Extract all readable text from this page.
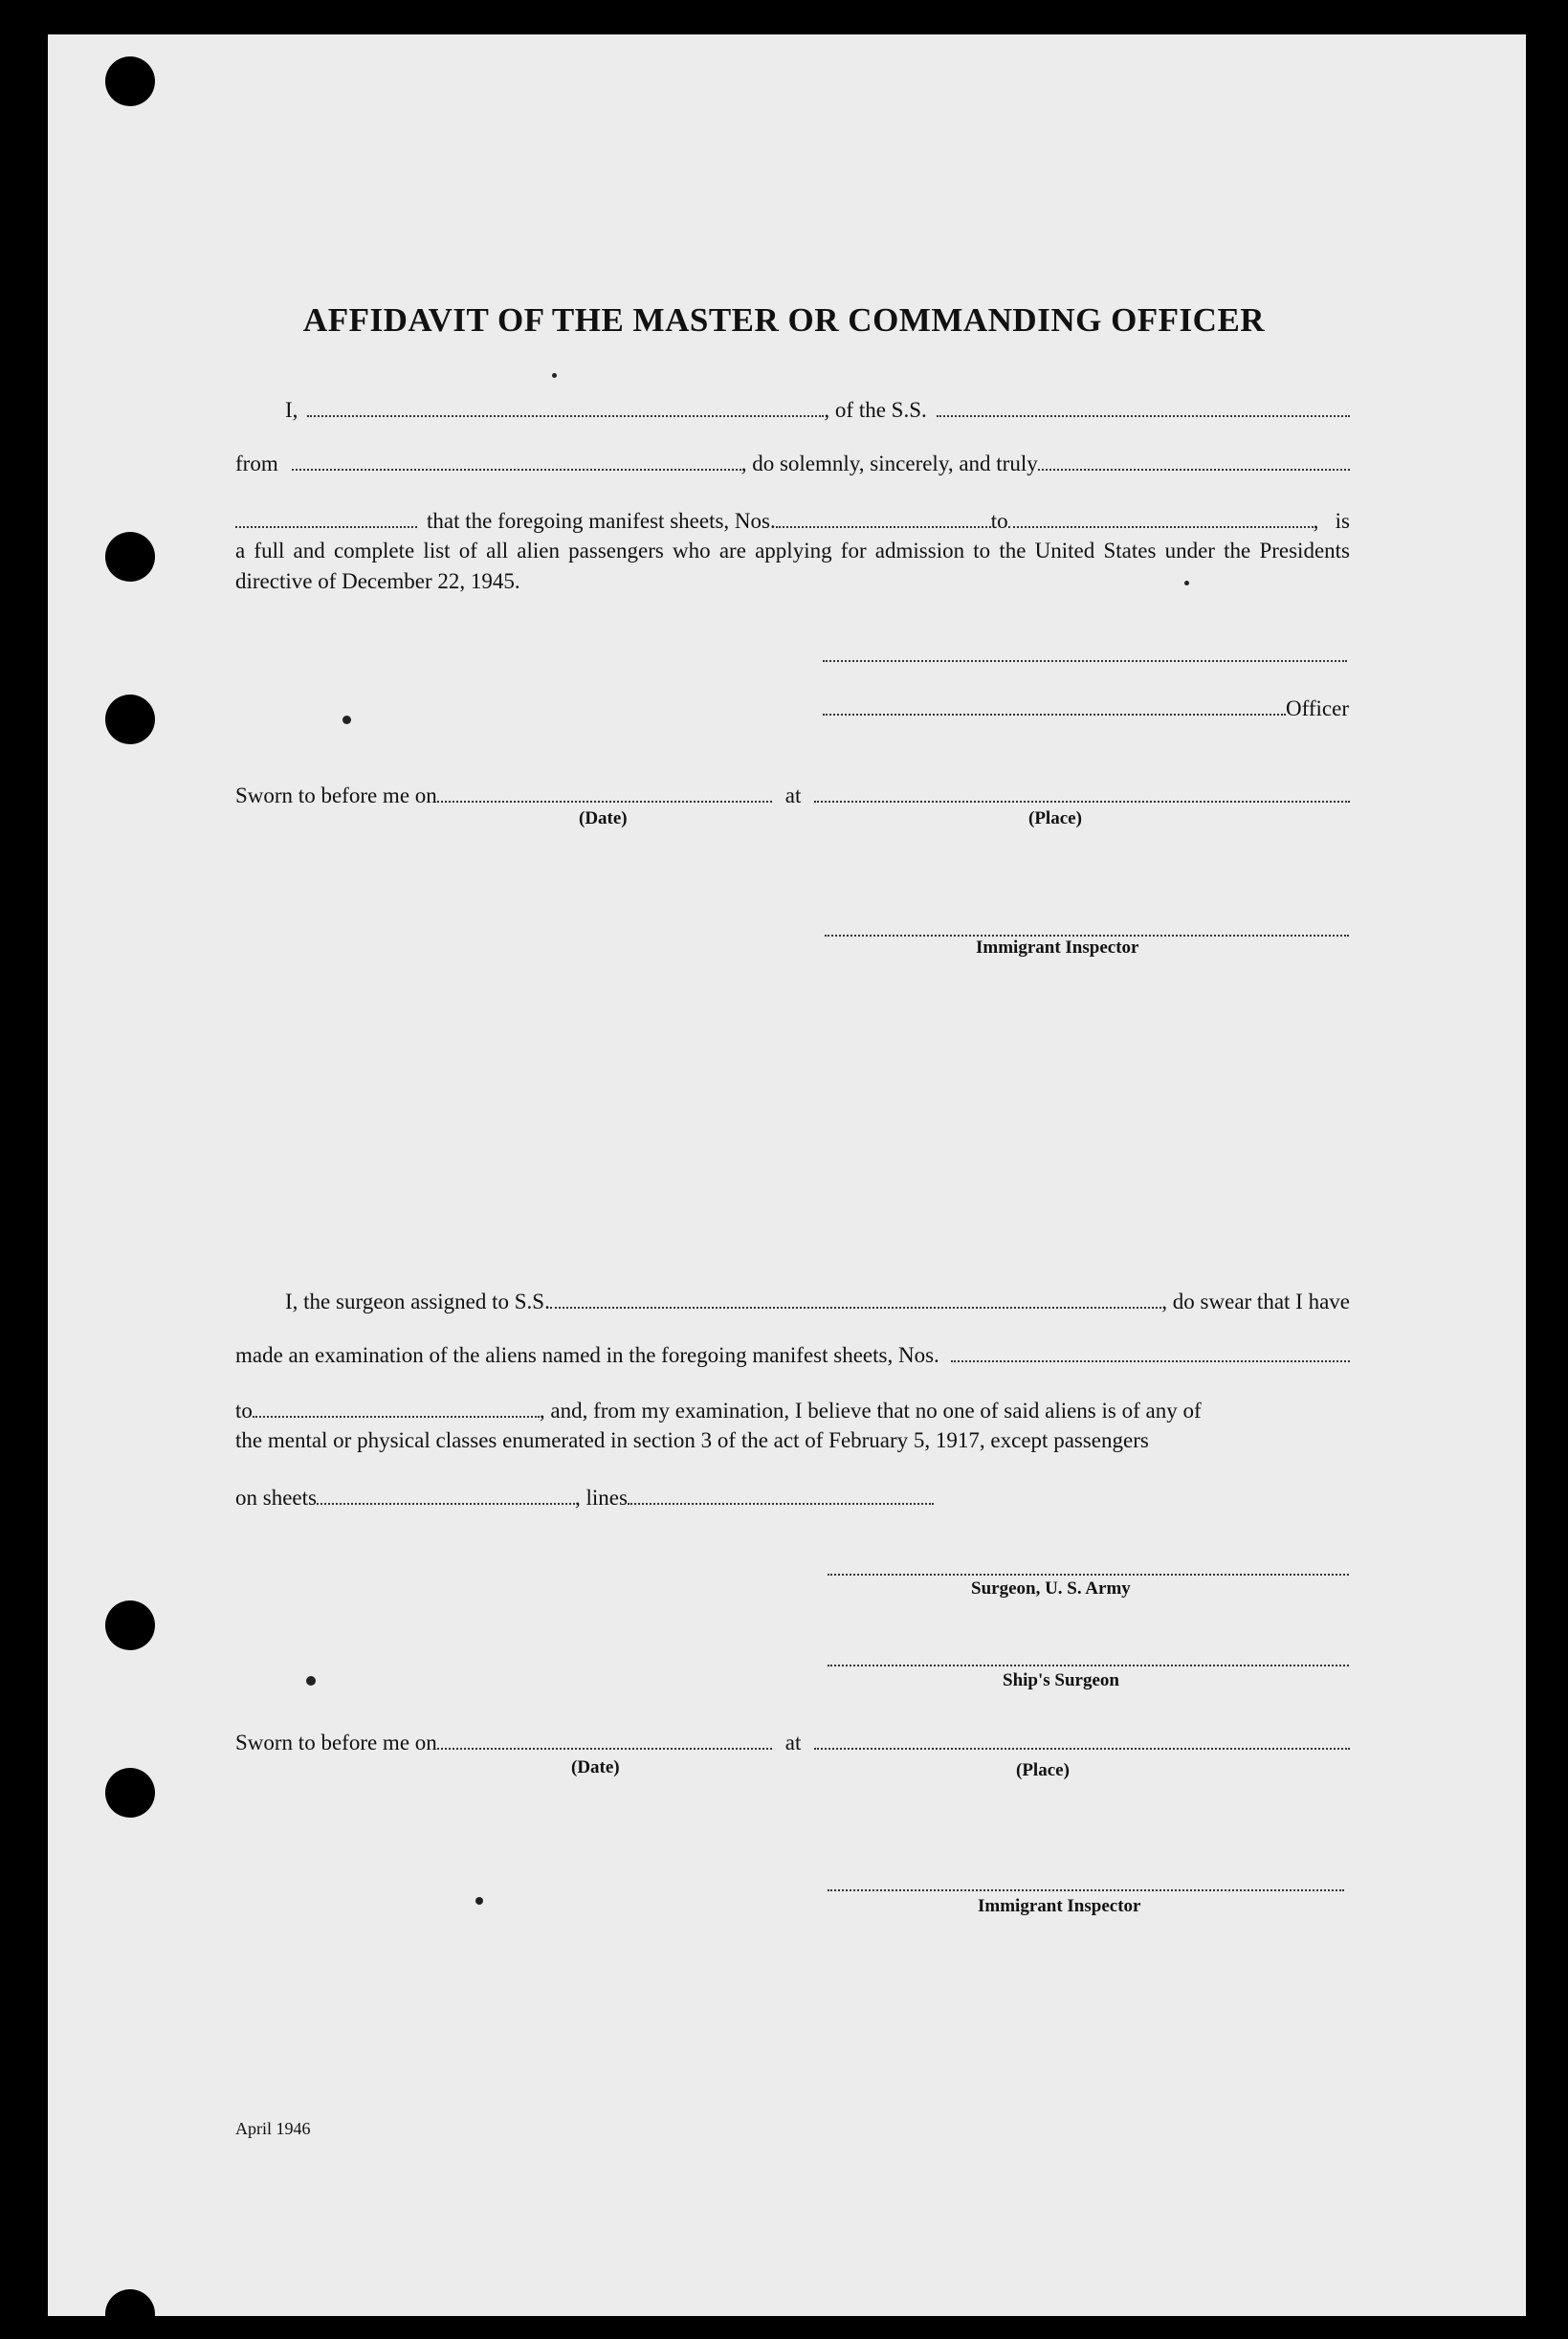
AFFIDAVIT OF THE MASTER OR COMMANDING OFFICER
I,	, of the S.S.
from	, do solemnly, sincerely, and truly
that the foregoing manifest sheets, Nos.	to	,   is
a full and complete list of all alien passengers who are applying for admission to the United States under the Presidents directive of December 22, 1945.
Officer
Sworn to before me on	at
(Date)	(Place)
Immigrant Inspector
I, the surgeon assigned to S.S.	, do swear that I have
made an examination of the aliens named in the foregoing manifest sheets, Nos.
to	, and, from my examination, I believe that no one of said aliens is of any of
the mental or physical classes enumerated in section 3 of the act of February 5, 1917, except passengers
on sheets	, lines
Surgeon, U. S. Army
Ship's Surgeon
Sworn to before me on	at
(Date)	(Place)
Immigrant Inspector
April 1946
